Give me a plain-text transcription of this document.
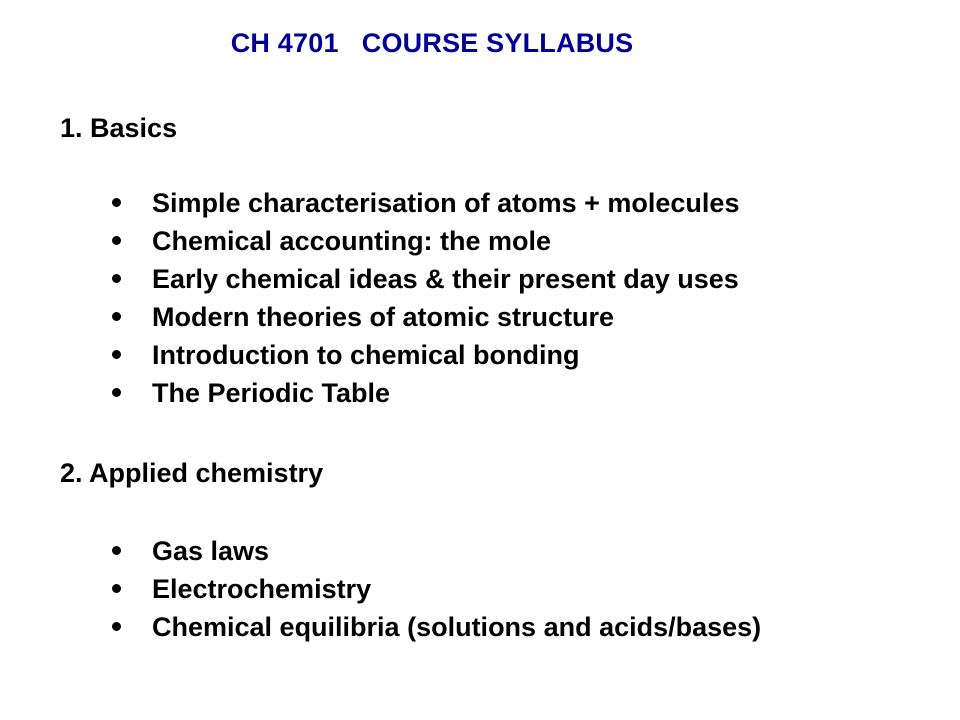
CH 4701   COURSE SYLLABUS
1. Basics
Simple characterisation of atoms + molecules
Chemical accounting: the mole
Early chemical ideas & their present day uses
Modern theories of atomic structure
Introduction to chemical bonding
The Periodic Table
2. Applied chemistry
Gas laws
Electrochemistry
Chemical equilibria (solutions and acids/bases)
